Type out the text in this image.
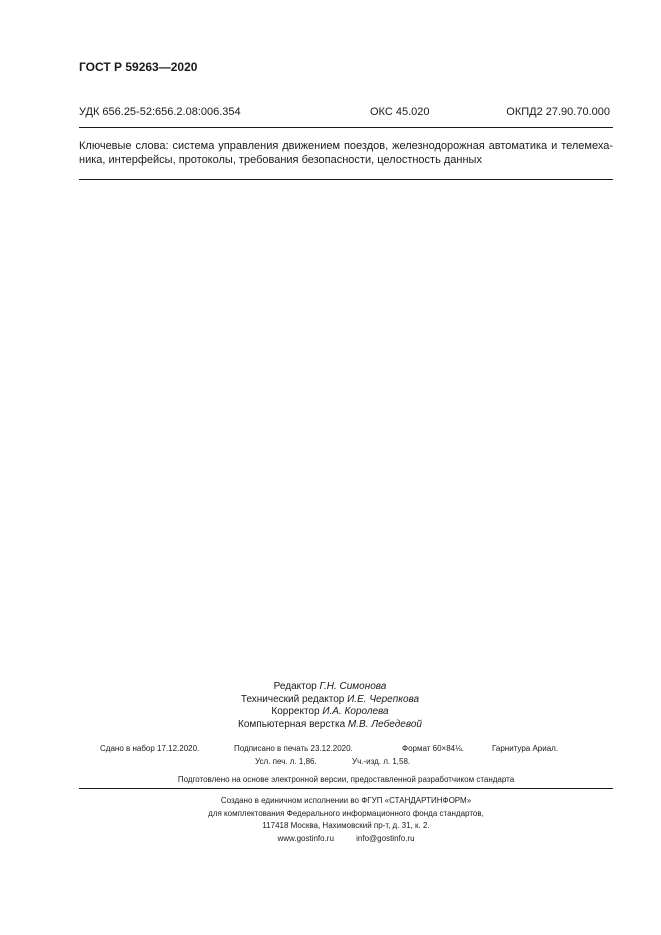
ГОСТ Р 59263—2020
УДК 656.25-52:656.2.08:006.354	ОКС 45.020	ОКПД2 27.90.70.000
Ключевые слова: система управления движением поездов, железнодорожная автоматика и телемеха-
ника, интерфейсы, протоколы, требования безопасности, целостность данных
Редактор Г.Н. Симонова
Технический редактор И.Е. Черепкова
Корректор И.А. Королева
Компьютерная верстка М.В. Лебедевой
Сдано в набор 17.12.2020.	Подписано в печать 23.12.2020.	Формат 60×84⅛.	Гарнитура Ариал.
Усл. печ. л. 1,86.	Уч.-изд. л. 1,58.
Подготовлено на основе электронной версии, предоставленной разработчиком стандарта
Создано в единичном исполнении во ФГУП «СТАНДАРТИНФОРМ»
для комплектования Федерального информационного фонда стандартов,
117418 Москва, Нахимовский пр-т, д. 31, к. 2.
www.gostinfo.ru	info@gostinfo.ru
